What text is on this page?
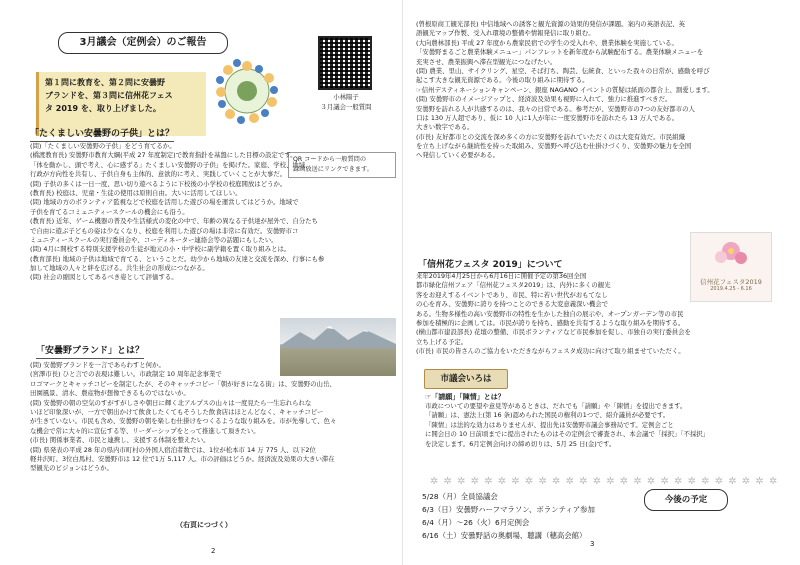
3月議会（定例会）のご報告
第１問に教育を、第２問に安曇野
ブランドを、第３問に信州花フェス
タ 2019 を、取り上げました。
小林陽子
３月議会一般質問
QR コードから一般質問の
録画放送にリンクできます。
「たくましい安曇野の子供」とは？
(問)「たくましい安曇野の子供」をどう育てるか。
(橋渡教育長) 安曇野市教育大綱(平成 27 年度制定)で教育指針を基盤にした目標の設定です。
「体を動かし、頭で考え、心に感ずる」たくましい安曇野の子供」を掲げた。家庭、学校、地域、
行政が方向性を共有し、子供自身も主体的、意欲的に考え、実践していくことが大事だ。
(問) 子供の多くは一日一度、思い切り遊べるように下校後の小学校の校庭開放はどうか。
(教育長) 校庭は、児童・生徒の使用は原則自由。大いに活用してほしい。
(問) 地域の方のボランティア監視などで校庭を活用した遊びの場を運営してはどうか。地域で
子供を育てるコミュニティースクールの機会にも沿う。
(教育長) 近年、ゲーム機器の普及や生活様式の変化の中で、年齢の異なる子供達が屋外で、自分たち
で自由に遊ぶ子どもの姿は少なくなり、校庭を利用した遊びの場は非常に有効だ。安曇野市コ
ミュニティースクールの実行委員会や、コーディネーター連絡会等の話題にもしたい。
(問) 4月に開校する特別支援学校の生徒が地元の小・中学校に副学籍を置く取り組みとは。
(教育部長) 地域の子供は地域で育てる、ということだ。幼少から地域の友達と交流を深め、行事にも参
加して地域の人々と絆を広げる。共生社会の形成につながる。
(問) 社会の縮図としてあるべき姿として評価する。
「安曇野ブランド」とは？
(問) 安曇野ブランドを一言であらわすと何か。
(宮澤市長) ひと言での表現は難しい。市政制定 10 周年記念事業で
ロゴマークとキャッチコピーを制定したが、そのキャッチコピー「朝が好きになる街」は、安曇野の山岳、
田園風景、清水、農産物が想像できるものではないか。
(問) 安曇野の朝の空気のすがすがしさや朝日に輝く北アルプスの山々は一度見たら一生忘れられな
いほど印象深いが、一方で朝出かけて飲食したくてもそうした飲食店はほとんどなく、キャッチコピー
が生きていない。市民も含め、安曇野の朝を楽しむ仕掛けをつくるような取り組みを。市が先導して、色々
な機会で常に大々的に宣伝する等、リーダーシップをとって推進して頂きたい。
(市長) 関係事業者、市民と連携し、支援する体制を整えたい。
(問) 県発表の平成 28 年の県内市町村の外国人宿泊者数では、1位が松本市 14 万 775 人、以下2位
軽井沢町、3位白馬村、安曇野市は 12 位で1万 5,117 人。市の評価はどうか。経済波及効果の大きい滞在
型観光のビジョンはどうか。
（右頁につづく）
2
(曽根原商工観光部長) 中信地域への誘客と観光資源の効果的発信が課題。案内の英語表記、英
語観光マップ作製、受入れ環境の整備や情報発信に取り組む。
(大向農林部長) 平成 27 年度から農家民宿での学生の受入れや、農業体験を実施している。
「安曇野まるごと農業体験メニュー」パンフレットを新年度から試験配布する。農業体験メニューを
充実させ、農業振興へ滞在型観光につなげたい。
(問) 農業、里山、サイクリング、星空、そば打ち、陶芸、伝統食、といった我々の日常が、感動を呼び
起こす大きな観光資源である。今後の取り組みに期待する。
☞信州デスティネーションキャンペーン、銀座 NAGANO イベントの質疑は紙面の都合上、割愛します。
(問) 安曇野市のイメージアップと、経済波及効果も視野に入れて、強力に推進すべきだ。
安曇野を訪れる人が共感するのは、我々の日常である。参考だが、安曇野市の7つの友好都市の人
口は 130 万人超であり、仮に 10 人に1人が年に一度安曇野市を訪れたら 13 万人である。
大きい数字である。
(市長) 友好都市との交流を深め多くの方に安曇野を訪れていただくのは大変有効だ。市民組織
を立ち上げながら継続性を持った取組み、安曇野へ呼び込む仕掛けづくり、安曇野の魅力を全国
へ発信していく必要がある。
「信州花フェスタ 2019」について
信州花フェスタ2019
2019.4.25 - 6.16
来年2019年4月25日から6月16日に開催予定の第36回全国
都市緑化信州フェア「信州花フェスタ2019」は、内外に多くの観光
客をお迎えするイベントであり、市民、特に若い世代がおもてなし
の心を育み、安曇野に誇りを持つことのできる大変意義深い機会で
ある。生物多様性の高い安曇野市の特性を生かした独自の展示や、オープンガーデン等の市民
参加を積極的に企画しては。市民が誇りを持ち、感動を共有するような取り組みを期待する。
(横山都市建設部長) 花壇の整備、市民ボランティアなど市民参加を促し、市独自の実行委員会を
立ち上げる予定。
(市長) 市民の皆さんのご協力をいただきながらフェスタ成功に向けて取り組ませていただく。
市議会いろは
☞「請願」「陳情」とは？
市政についての要望や意見等があるときは、だれでも「請願」や「陳情」を提出できます。
「請願」は、憲法上(第 16 条)認められた国民の権利の1つで、紹介議員が必要です。
「陳情」は法的な効力はありませんが、提出先は安曇野市議会事務局です。定例会ごと
に開会日の 10 日前頃までに提出されたものはその定例会で審査され、本会議で「採択」「不採択」
を決定します。6月定例会向けの締め切りは、5月 25 日(金)です。
✲ ✲ ✲ ✲ ✲ ✲ ✲ ✲ ✲ ✲ ✲ ✲ ✲ ✲ ✲ ✲ ✲ ✲ ✲ ✲ ✲ ✲ ✲ ✲ ✲ ✲
5/28（月）全員協議会
6/3（日）安曇野ハーフマラソン、ボランティア参加
6/4（月）～26（火）6月定例会
6/16（土）安曇野話の奥劇場、聴講（穂高会館）
今後の予定
3
